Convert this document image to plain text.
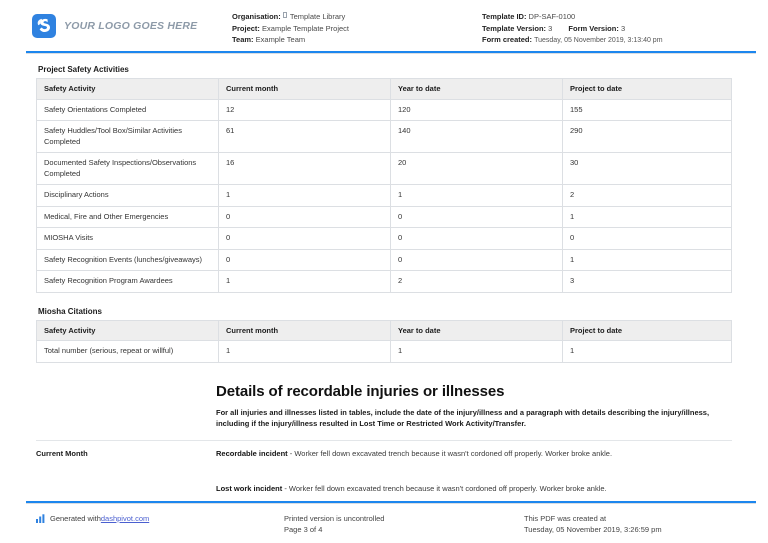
YOUR LOGO GOES HERE
Organisation: Template Library
Project: Example Template Project
Team: Example Team
Template ID: DP-SAF-0100
Template Version: 3 Form Version: 3
Form created: Tuesday, 05 November 2019, 3:13:40 pm
Project Safety Activities
Safety Activity	Current month	Year to date	Project to date
Safety Orientations Completed	12	120	155
Safety Huddles/Tool Box/Similar Activities Completed	61	140	290
Documented Safety Inspections/Observations Completed	16	20	30
Disciplinary Actions	1	1	2
Medical, Fire and Other Emergencies	0	0	1
MIOSHA Visits	0	0	0
Safety Recognition Events (lunches/giveaways)	0	0	1
Safety Recognition Program Awardees	1	2	3
Miosha Citations
Safety Activity	Current month	Year to date	Project to date
Total number (serious, repeat or willful)	1	1	1
Details of recordable injuries or illnesses
For all injuries and illnesses listed in tables, include the date of the injury/illness and a paragraph with details describing the injury/illness, including if the injury/illness resulted in Lost Time or Restricted Work Activity/Transfer.
Current Month	Recordable incident - Worker fell down excavated trench because it wasn't cordoned off properly. Worker broke ankle.
Lost work incident - Worker fell down excavated trench because it wasn't cordoned off properly. Worker broke ankle.
Generated with dashpivot.com	Printed version is uncontrolled
Page 3 of 4
This PDF was created at
Tuesday, 05 November 2019, 3:26:59 pm
